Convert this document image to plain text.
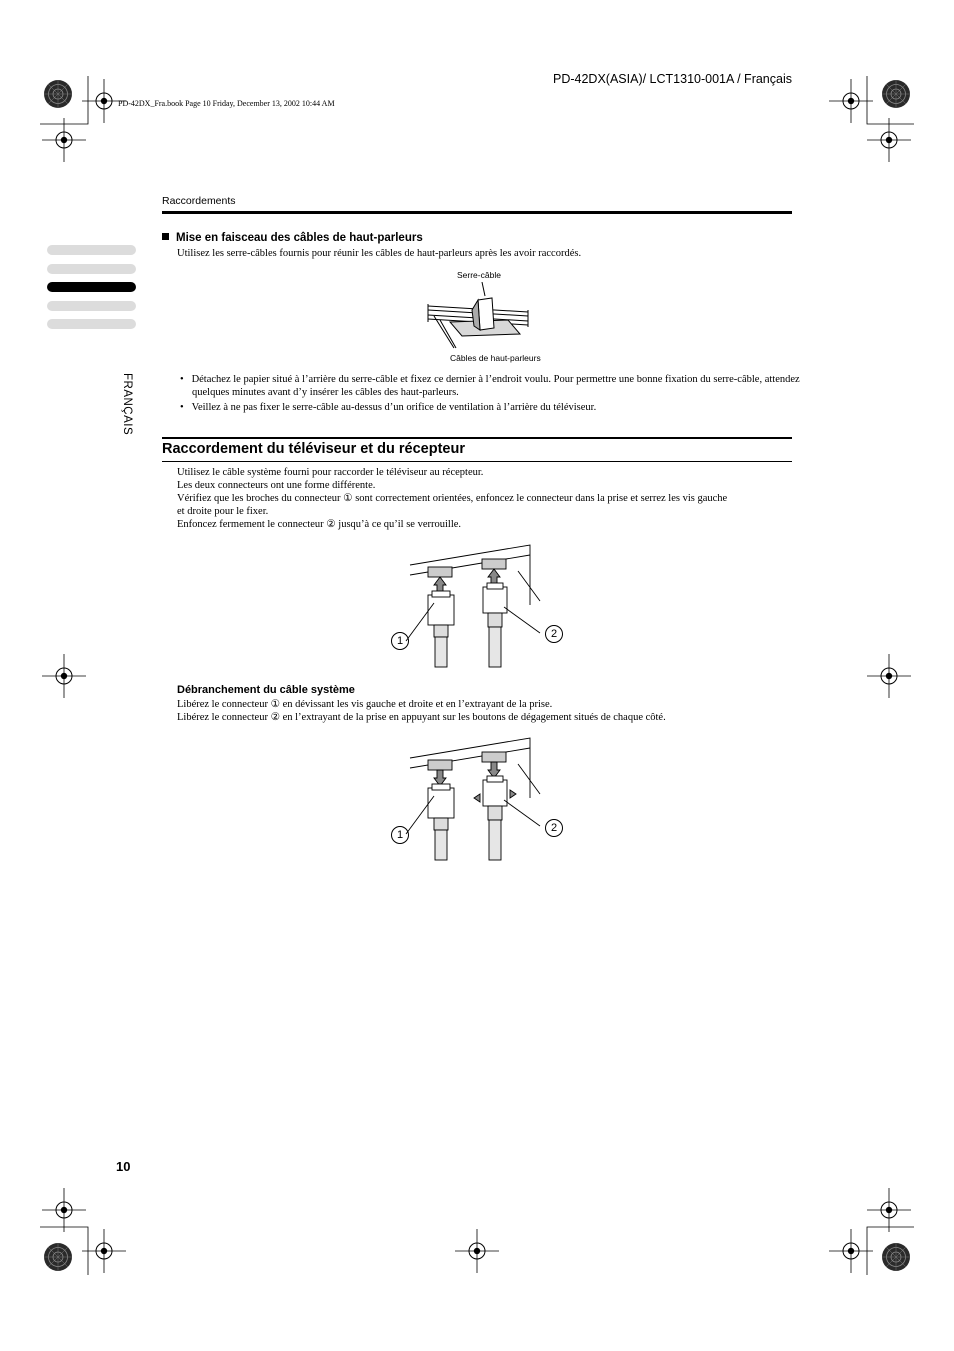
PD-42DX(ASIA)/ LCT1310-001A / Français
PD-42DX_Fra.book Page 10 Friday, December 13, 2002 10:44 AM
Raccordements
FRANÇAIS
Mise en faisceau des câbles de haut-parleurs
Utilisez les serre-câbles fournis pour réunir les câbles de haut-parleurs après les avoir raccordés.
Serre-câble
Câbles de haut-parleurs
•   Détachez le papier situé à l’arrière du serre-câble et fixez ce dernier à l’endroit voulu. Pour permettre une bonne fixation du serre-câble, attendez quelques minutes avant d’y insérer les câbles des haut-parleurs.
•   Veillez à ne pas fixer le serre-câble au-dessus d’un orifice de ventilation à l’arrière du téléviseur.
Raccordement du téléviseur et du récepteur
Utilisez le câble système fourni pour raccorder le téléviseur au récepteur.
Les deux connecteurs ont une forme différente.
Vérifiez que les broches du connecteur ① sont correctement orientées, enfoncez le connecteur dans la prise et serrez les vis gauche
et droite pour le fixer.
Enfoncez fermement le connecteur ② jusqu’à ce qu’il se verrouille.
1
2
Débranchement du câble système
Libérez le connecteur ① en dévissant les vis gauche et droite et en l’extrayant de la prise.
Libérez le connecteur ② en l’extrayant de la prise en appuyant sur les boutons de dégagement situés de chaque côté.
1
2
10
